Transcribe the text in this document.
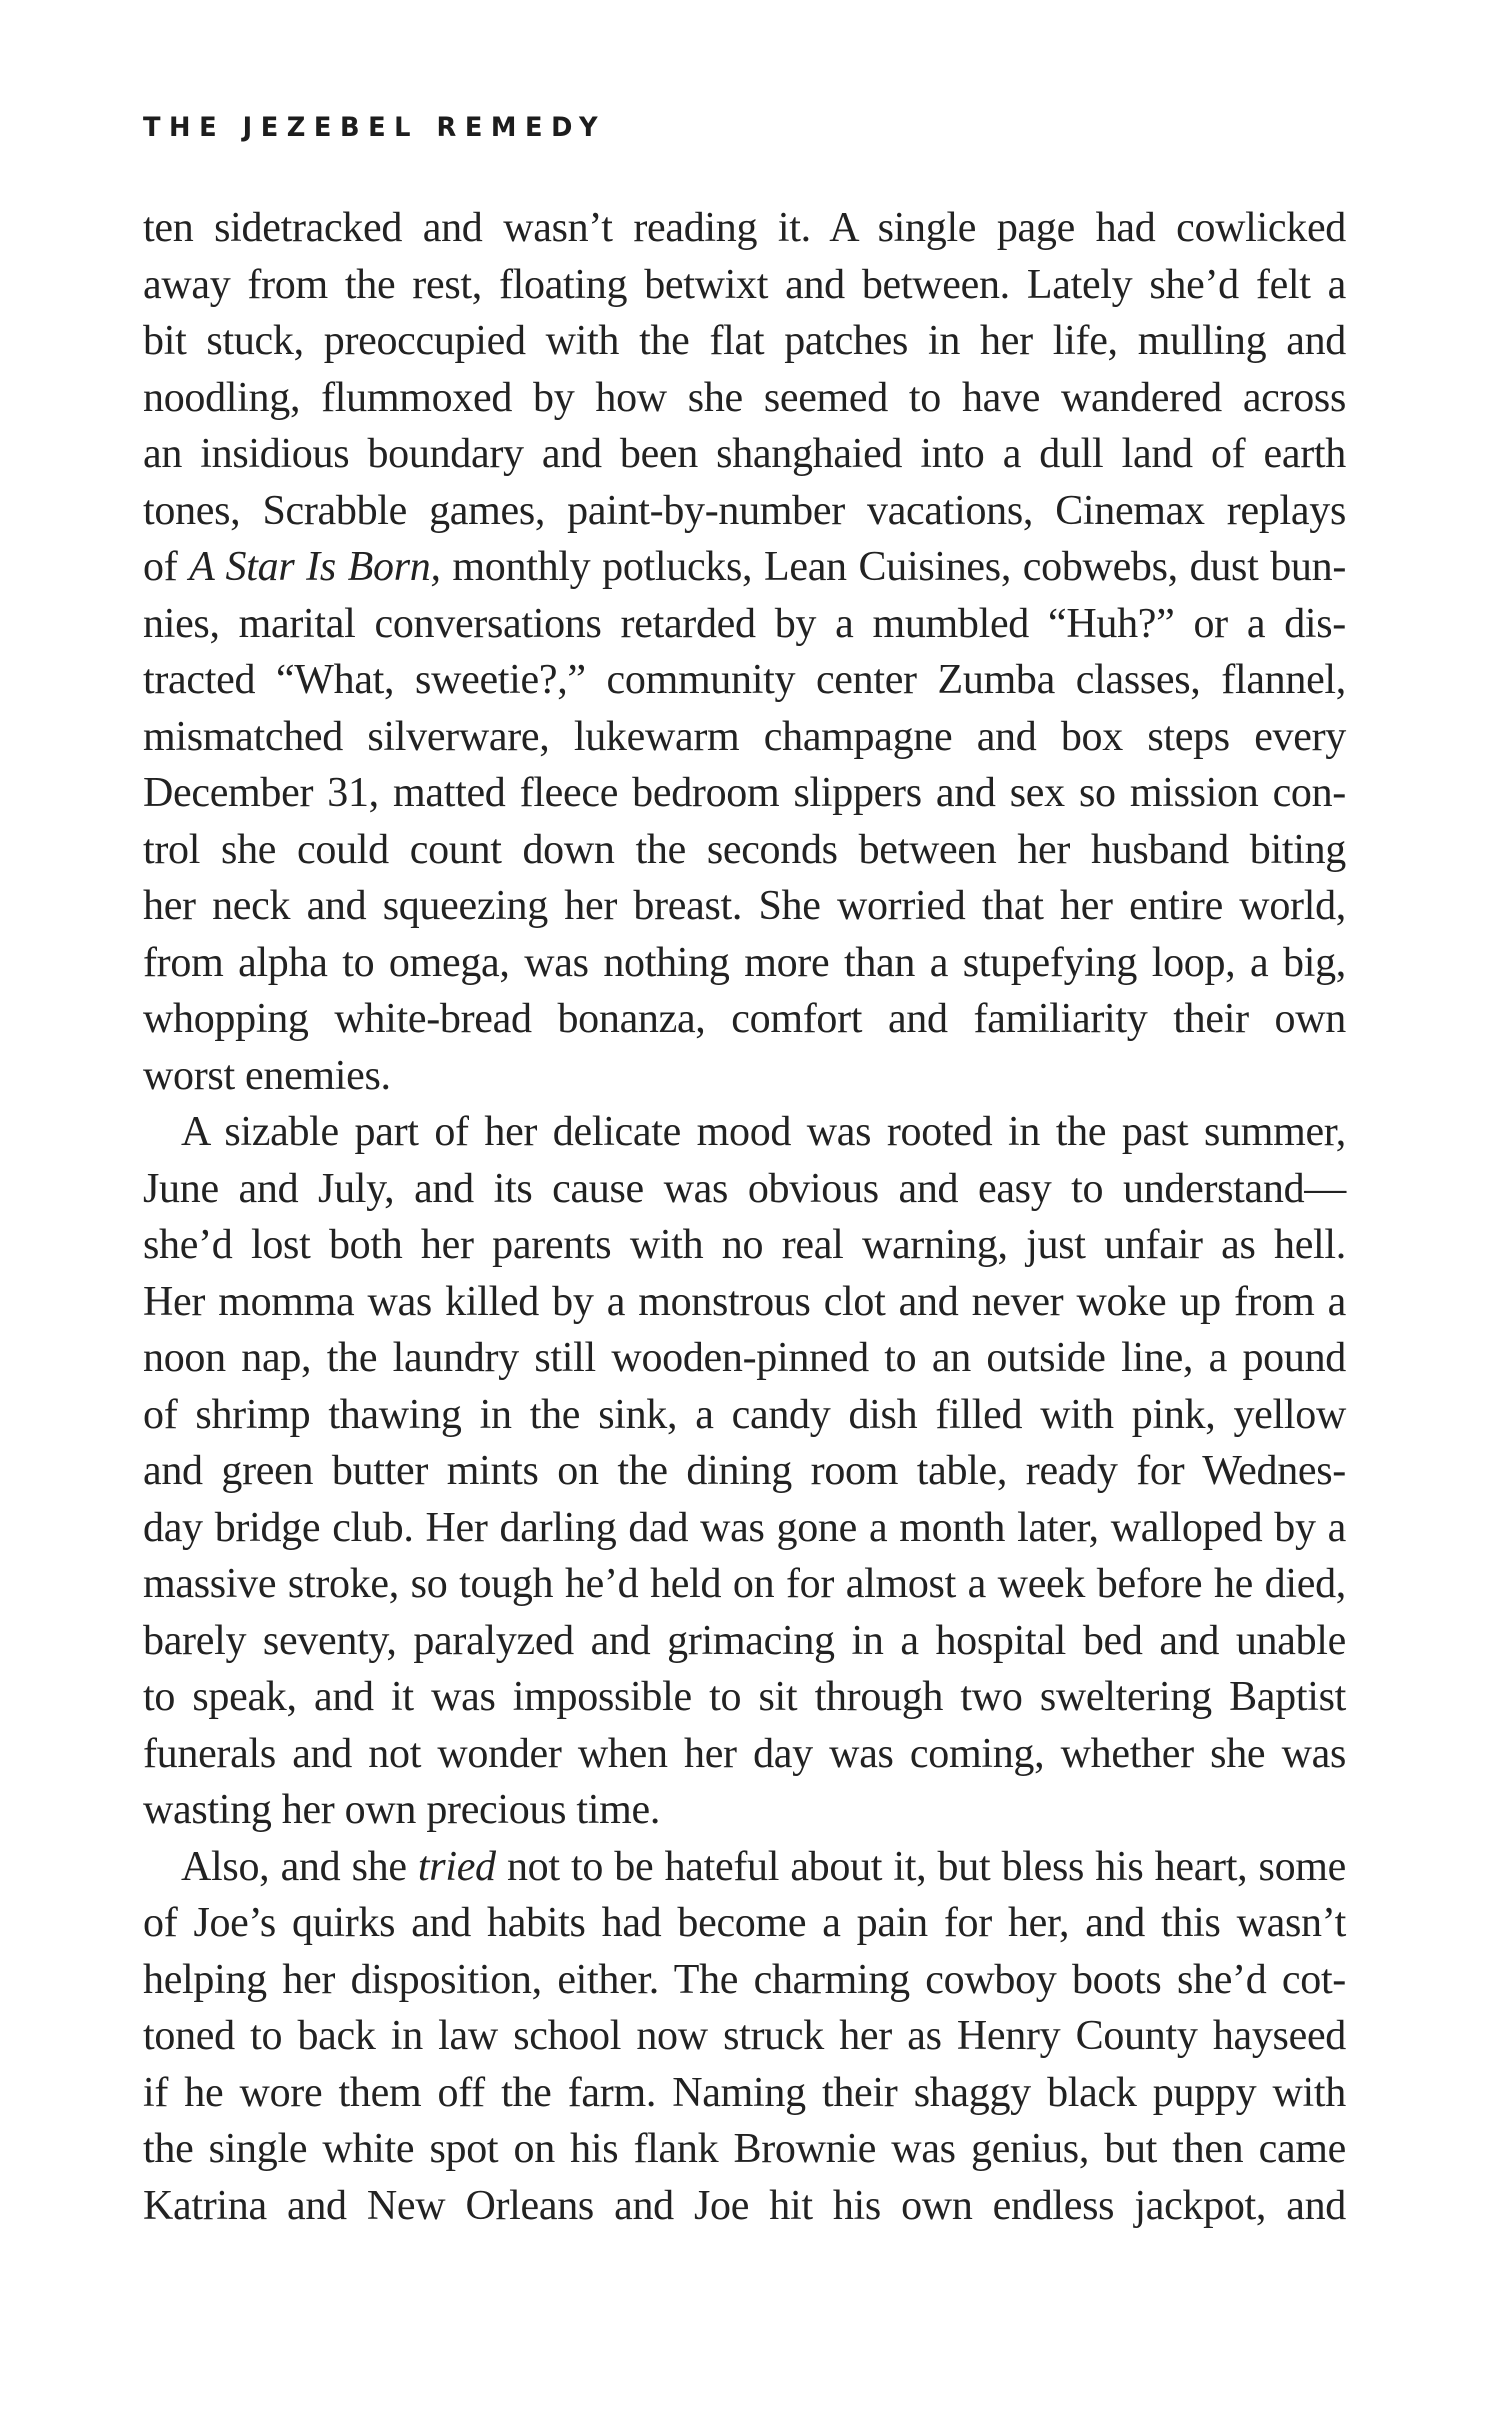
THE JEZEBEL REMEDY
ten sidetracked and wasn’t reading it. A single page had cowlicked
away from the rest, floating betwixt and between. Lately she’d felt a
bit stuck, preoccupied with the flat patches in her life, mulling and
noodling, flummoxed by how she seemed to have wandered across
an insidious boundary and been shanghaied into a dull land of earth
tones, Scrabble games, paint-by-number vacations, Cinemax replays
of A Star Is Born, monthly potlucks, Lean Cuisines, cobwebs, dust bun-
nies, marital conversations retarded by a mumbled “Huh?” or a dis-
tracted “What, sweetie?,” community center Zumba classes, flannel,
mismatched silverware, lukewarm champagne and box steps every
December 31, matted fleece bedroom slippers and sex so mission con-
trol she could count down the seconds between her husband biting
her neck and squeezing her breast. She worried that her entire world,
from alpha to omega, was nothing more than a stupefying loop, a big,
whopping white-bread bonanza, comfort and familiarity their own
worst enemies.
A sizable part of her delicate mood was rooted in the past summer,
June and July, and its cause was obvious and easy to understand—
she’d lost both her parents with no real warning, just unfair as hell.
Her momma was killed by a monstrous clot and never woke up from a
noon nap, the laundry still wooden-pinned to an outside line, a pound
of shrimp thawing in the sink, a candy dish filled with pink, yellow
and green butter mints on the dining room table, ready for Wednes-
day bridge club. Her darling dad was gone a month later, walloped by a
massive stroke, so tough he’d held on for almost a week before he died,
barely seventy, paralyzed and grimacing in a hospital bed and unable
to speak, and it was impossible to sit through two sweltering Baptist
funerals and not wonder when her day was coming, whether she was
wasting her own precious time.
Also, and she tried not to be hateful about it, but bless his heart, some
of Joe’s quirks and habits had become a pain for her, and this wasn’t
helping her disposition, either. The charming cowboy boots she’d cot-
toned to back in law school now struck her as Henry County hayseed
if he wore them off the farm. Naming their shaggy black puppy with
the single white spot on his flank Brownie was genius, but then came
Katrina and New Orleans and Joe hit his own endless jackpot, and
